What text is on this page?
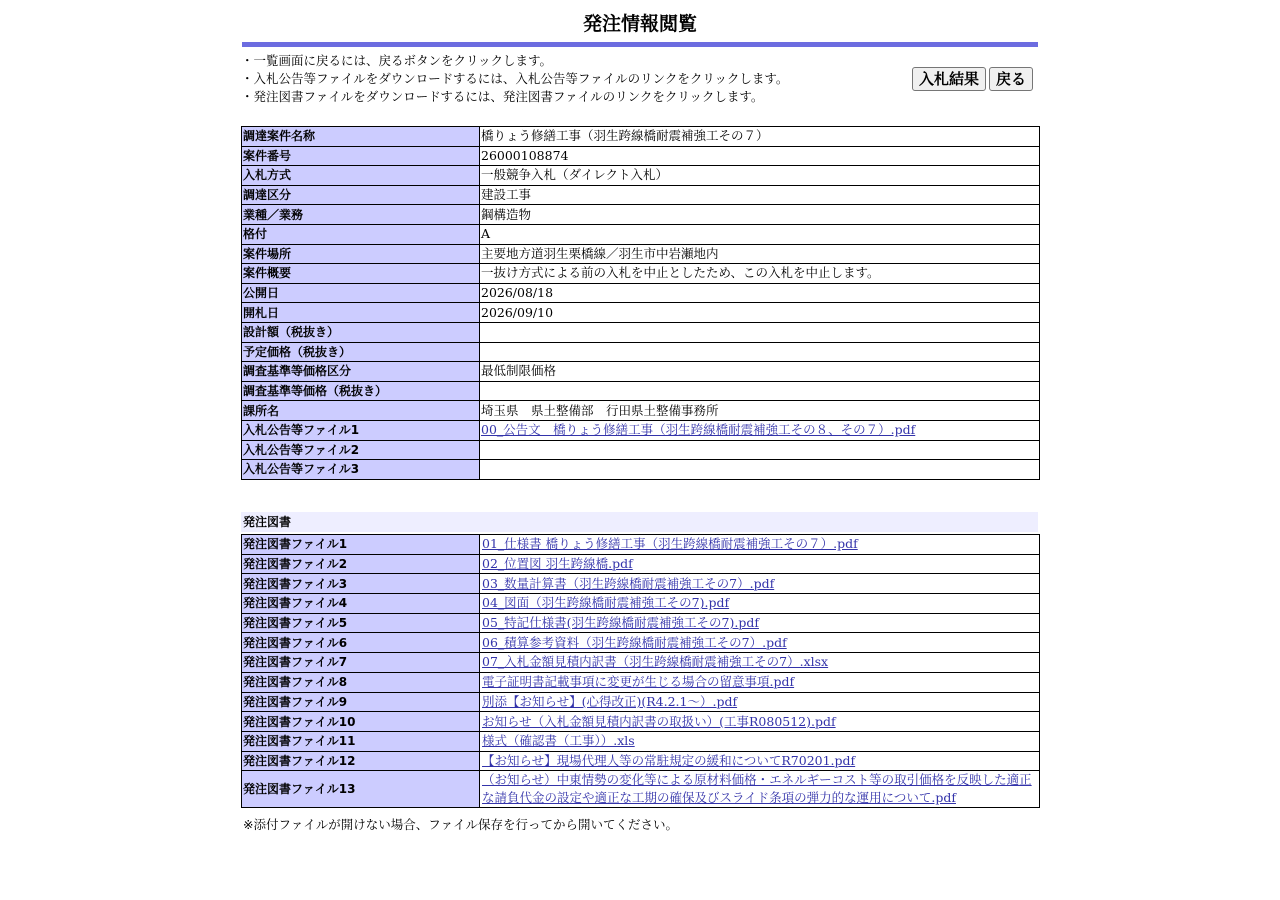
発注情報閲覧
・一覧画面に戻るには、戻るボタンをクリックします。
・入札公告等ファイルをダウンロードするには、入札公告等ファイルのリンクをクリックします。
・発注図書ファイルをダウンロードするには、発注図書ファイルのリンクをクリックします。
入札結果	戻る
調達案件名称	橋りょう修繕工事（羽生跨線橋耐震補強工その７）
案件番号	26000108874
入札方式	一般競争入札（ダイレクト入札）
調達区分	建設工事
業種／業務	鋼構造物
格付	A
案件場所	主要地方道羽生栗橋線／羽生市中岩瀬地内
案件概要	一抜け方式による前の入札を中止としたため、この入札を中止します。
公開日	2026/08/18
開札日	2026/09/10
設計額（税抜き）	
予定価格（税抜き）	
調査基準等価格区分	最低制限価格
調査基準等価格（税抜き）	
課所名	埼玉県　県土整備部　行田県土整備事務所
入札公告等ファイル1	00_公告文　橋りょう修繕工事（羽生跨線橋耐震補強工その８、その７）.pdf
入札公告等ファイル2	
入札公告等ファイル3	
発注図書
発注図書ファイル1	01_仕様書 橋りょう修繕工事（羽生跨線橋耐震補強工その７）.pdf
発注図書ファイル2	02_位置図 羽生跨線橋.pdf
発注図書ファイル3	03_数量計算書（羽生跨線橋耐震補強工その7）.pdf
発注図書ファイル4	04_図面（羽生跨線橋耐震補強工その7).pdf
発注図書ファイル5	05_特記仕様書(羽生跨線橋耐震補強工その7).pdf
発注図書ファイル6	06_積算参考資料（羽生跨線橋耐震補強工その7）.pdf
発注図書ファイル7	07_入札金額見積内訳書（羽生跨線橋耐震補強工その7）.xlsx
発注図書ファイル8	電子証明書記載事項に変更が生じる場合の留意事項.pdf
発注図書ファイル9	別添【お知らせ】(心得改正)(R4.2.1～）.pdf
発注図書ファイル10	お知らせ（入札金額見積内訳書の取扱い）(工事R080512).pdf
発注図書ファイル11	様式（確認書（工事））.xls
発注図書ファイル12	【お知らせ】現場代理人等の常駐規定の緩和についてR70201.pdf
発注図書ファイル13	（お知らせ）中東情勢の変化等による原材料価格・エネルギーコスト等の取引価格を反映した適正な請負代金の設定や適正な工期の確保及びスライド条項の弾力的な運用について.pdf
※添付ファイルが開けない場合、ファイル保存を行ってから開いてください。
